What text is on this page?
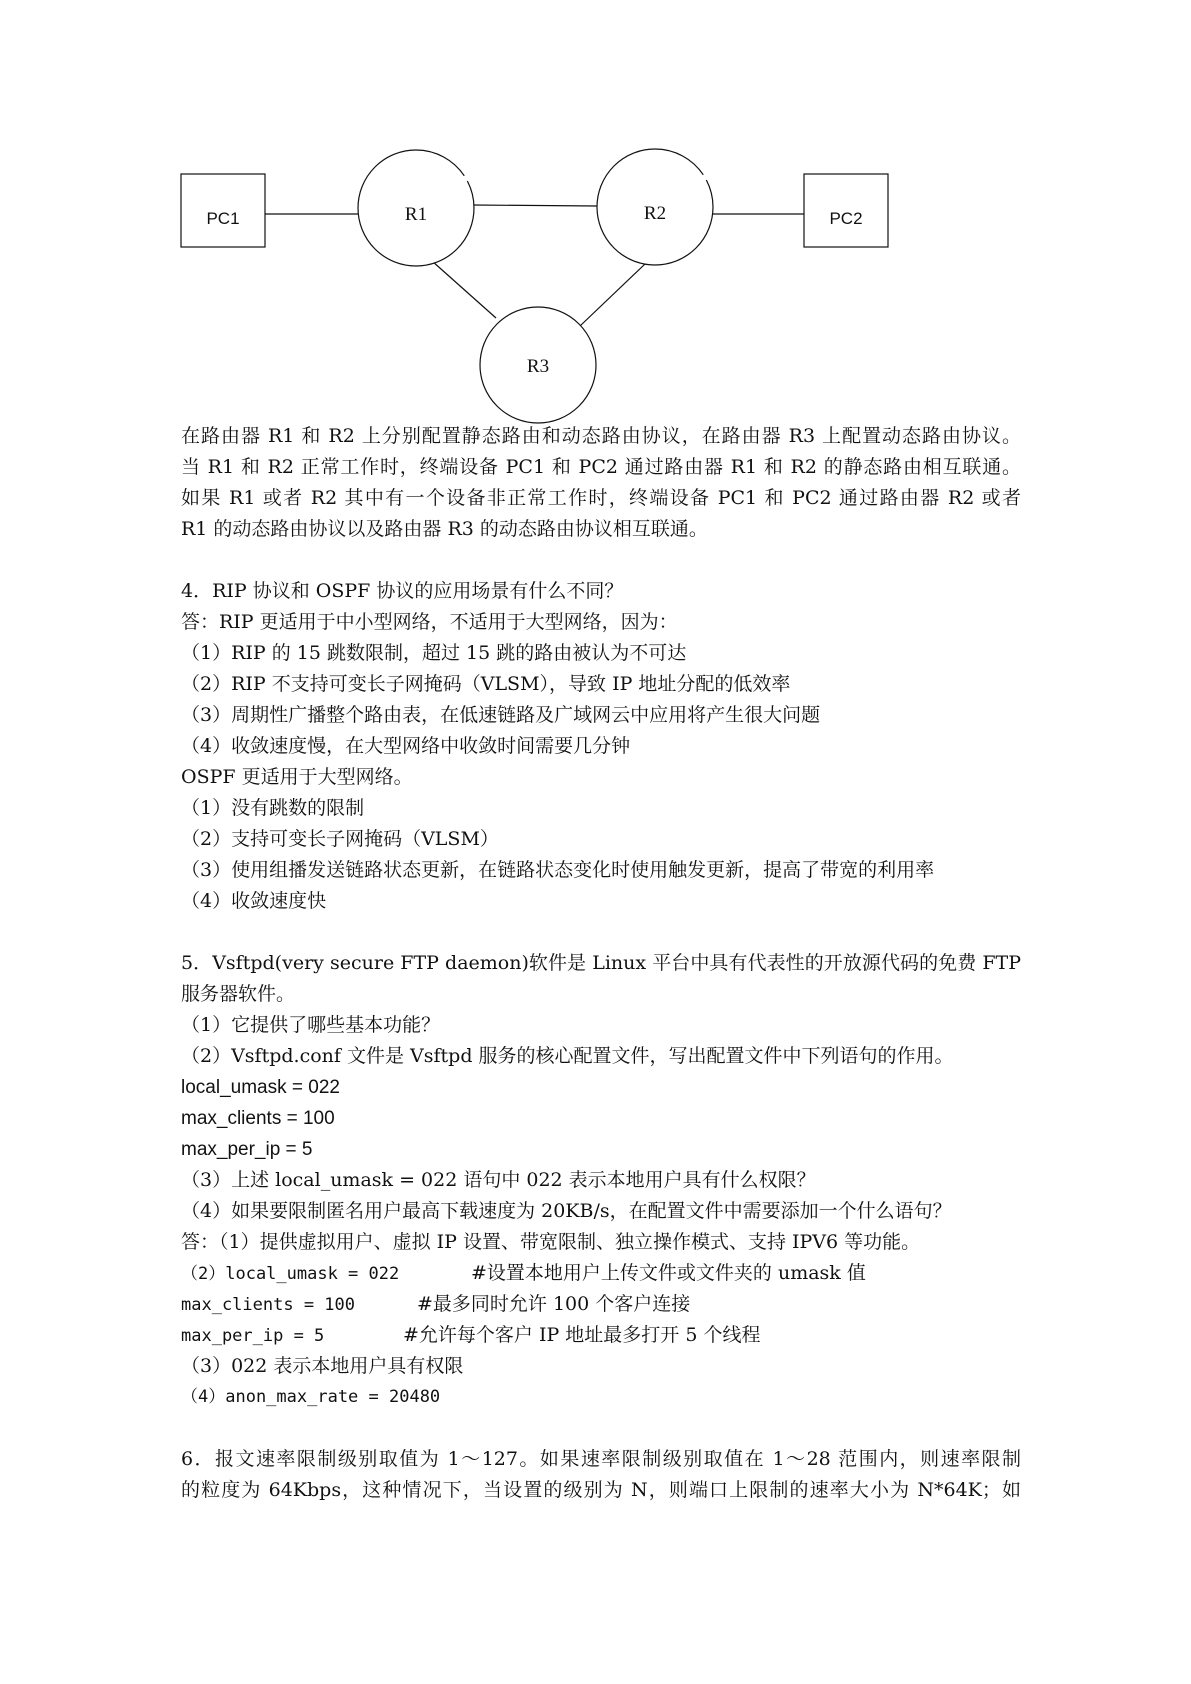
PC1	R1	R2	PC2
R3
在路由器 R1 和 R2 上分别配置静态路由和动态路由协议，在路由器 R3 上配置动态路由协议。
当 R1 和 R2 正常工作时，终端设备 PC1 和 PC2 通过路由器 R1 和 R2 的静态路由相互联通。
如果 R1 或者 R2 其中有一个设备非正常工作时，终端设备 PC1 和 PC2 通过路由器 R2 或者
R1 的动态路由协议以及路由器 R3 的动态路由协议相互联通。
4．RIP 协议和 OSPF 协议的应用场景有什么不同？
答：RIP 更适用于中小型网络，不适用于大型网络，因为：
（1）RIP 的 15 跳数限制，超过 15 跳的路由被认为不可达
（2）RIP 不支持可变长子网掩码（VLSM），导致 IP 地址分配的低效率
（3）周期性广播整个路由表，在低速链路及广域网云中应用将产生很大问题
（4）收敛速度慢，在大型网络中收敛时间需要几分钟
OSPF 更适用于大型网络。
（1）没有跳数的限制
（2）支持可变长子网掩码（VLSM）
（3）使用组播发送链路状态更新，在链路状态变化时使用触发更新，提高了带宽的利用率
（4）收敛速度快
5．Vsftpd(very secure FTP daemon)软件是 Linux 平台中具有代表性的开放源代码的免费 FTP
服务器软件。
（1）它提供了哪些基本功能？
（2）Vsftpd.conf 文件是 Vsftpd 服务的核心配置文件，写出配置文件中下列语句的作用。
local_umask = 022
max_clients = 100
max_per_ip = 5
（3）上述 local_umask = 022 语句中 022 表示本地用户具有什么权限？
（4）如果要限制匿名用户最高下载速度为 20KB/s，在配置文件中需要添加一个什么语句？
答：（1）提供虚拟用户、虚拟 IP 设置、带宽限制、独立操作模式、支持 IPV6 等功能。
（2）local_umask = 022	#设置本地用户上传文件或文件夹的 umask 值
max_clients = 100	#最多同时允许 100 个客户连接
max_per_ip = 5	#允许每个客户 IP 地址最多打开 5 个线程
（3）022 表示本地用户具有权限
（4）anon_max_rate = 20480
6．报文速率限制级别取值为 1～127。如果速率限制级别取值在 1～28 范围内，则速率限制
的粒度为 64Kbps，这种情况下，当设置的级别为 N，则端口上限制的速率大小为 N*64K；如
